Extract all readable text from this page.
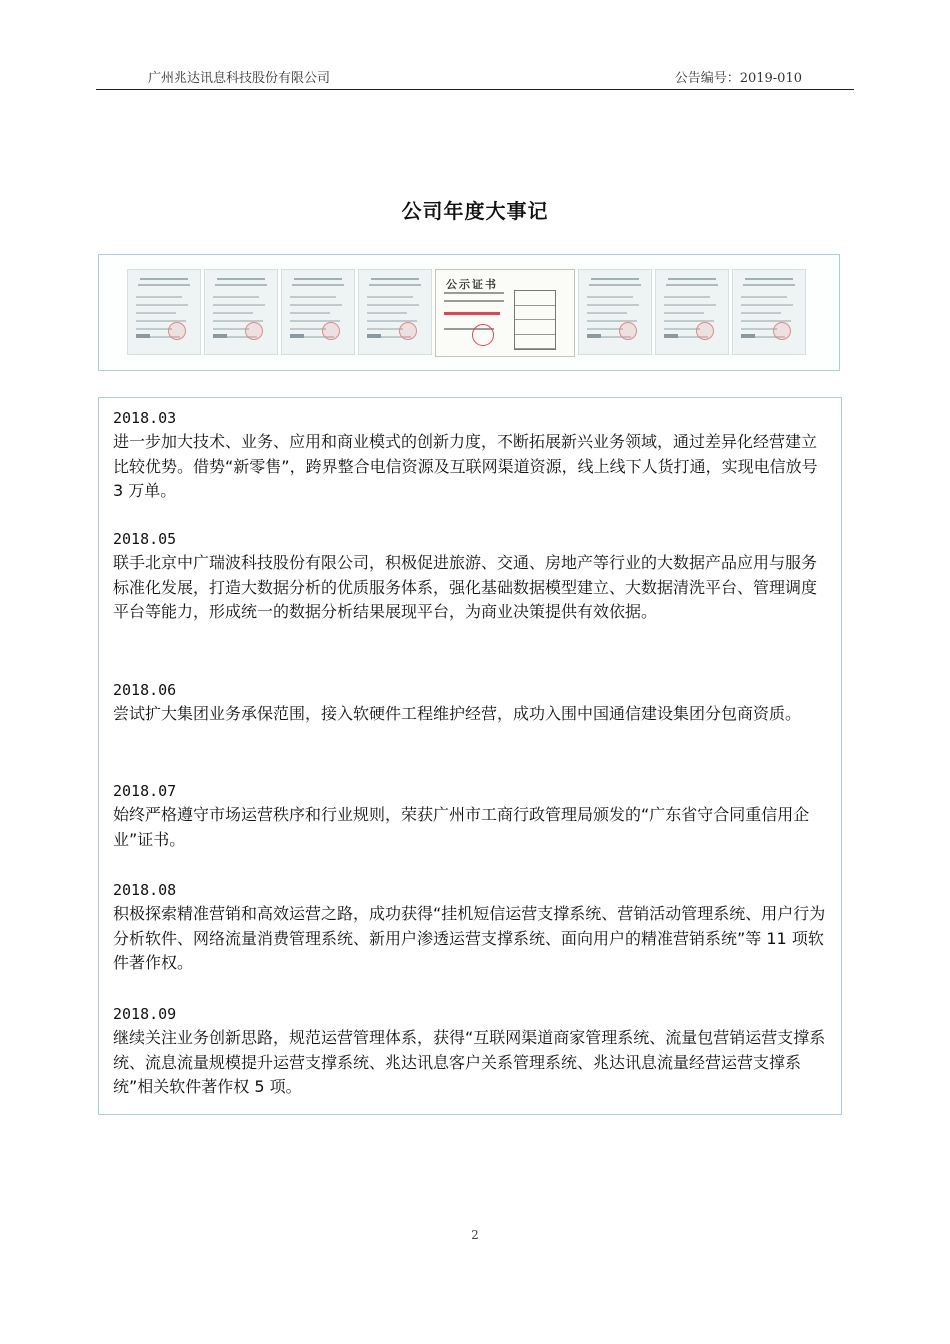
广州兆达讯息科技股份有限公司	公告编号：2019-010
公司年度大事记
公示证书

2018.03

进一步加大技术、业务、应用和商业模式的创新力度，不断拓展新兴业务领域，通过差异化经营建立比较优势。借势“新零售”，跨界整合电信资源及互联网渠道资源，线上线下人货打通，实现电信放号 3 万单。

2018.05

联手北京中广瑞波科技股份有限公司，积极促进旅游、交通、房地产等行业的大数据产品应用与服务标准化发展，打造大数据分析的优质服务体系，强化基础数据模型建立、大数据清洗平台、管理调度平台等能力，形成统一的数据分析结果展现平台，为商业决策提供有效依据。

2018.06

尝试扩大集团业务承保范围，接入软硬件工程维护经营，成功入围中国通信建设集团分包商资质。

2018.07

始终严格遵守市场运营秩序和行业规则，荣获广州市工商行政管理局颁发的“广东省守合同重信用企业”证书。

2018.08

积极探索精准营销和高效运营之路，成功获得“挂机短信运营支撑系统、营销活动管理系统、用户行为分析软件、网络流量消费管理系统、新用户渗透运营支撑系统、面向用户的精准营销系统”等 11 项软件著作权。

2018.09

继续关注业务创新思路，规范运营管理体系，获得“互联网渠道商家管理系统、流量包营销运营支撑系统、流息流量规模提升运营支撑系统、兆达讯息客户关系管理系统、兆达讯息流量经营运营支撑系统”相关软件著作权 5 项。

2
